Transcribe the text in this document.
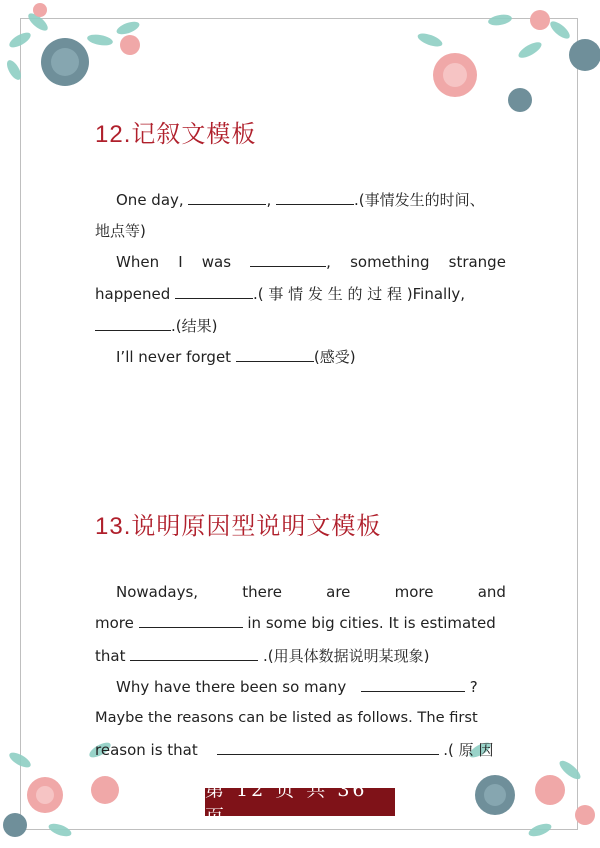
12.记叙文模板
One day,	,	.(事情发生的时间、
地点等)
When I was	, something strange
happened	.( 事 情 发 生 的 过 程 )Finally,
.(结果)
I’ll never forget	(感受)
13.说明原因型说明文模板
Nowadays,	there	are	more	and
more	in some big cities. It is estimated
that	.(用具体数据说明某现象)
Why have there been so many	?
Maybe the reasons can be listed as follows. The first
reason is that	.( 原 因
第 12 页 共 36 页
